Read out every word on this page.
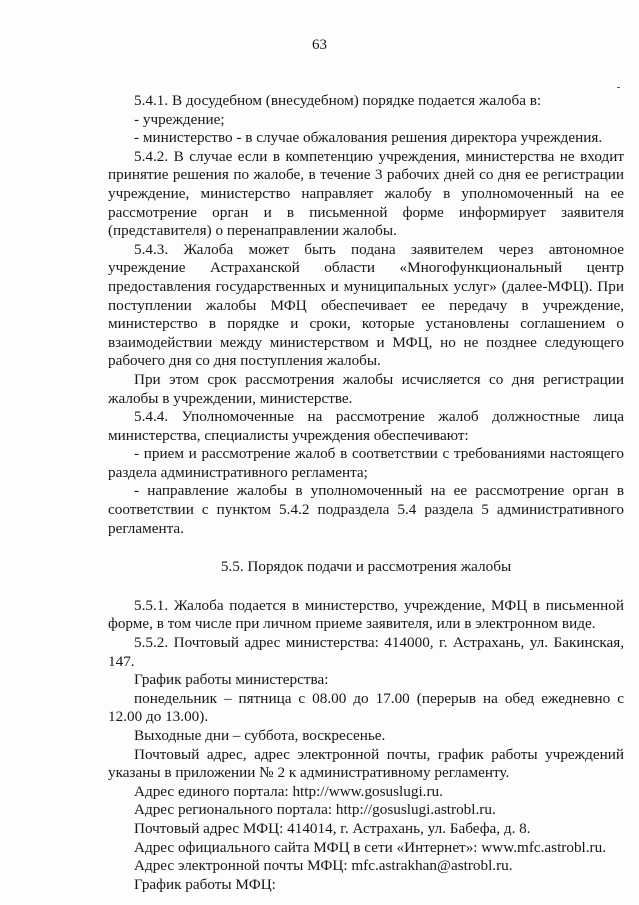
63

5.4.1. В досудебном (внесудебном) порядке подается жалоба в:

- учреждение;

- министерство - в случае обжалования решения директора учреждения.

5.4.2. В случае если в компетенцию учреждения, министерства не входит принятие решения по жалобе, в течение 3 рабочих дней со дня ее регистрации учреждение, министерство направляет жалобу в уполномоченный на ее рассмотрение орган и в письменной форме информирует заявителя (представителя) о перенаправлении жалобы.

5.4.3. Жалоба может быть подана заявителем через автономное учреждение Астраханской области «Многофункциональный центр предоставления государственных и муниципальных услуг» (далее-МФЦ). При поступлении жалобы МФЦ обеспечивает ее передачу в учреждение, министерство в порядке и сроки, которые установлены соглашением о взаимодействии между министерством и МФЦ, но не позднее следующего рабочего дня со дня поступления жалобы.

При этом срок рассмотрения жалобы исчисляется со дня регистрации жалобы в учреждении, министерстве.

5.4.4. Уполномоченные на рассмотрение жалоб должностные лица министерства, специалисты учреждения обеспечивают:

- прием и рассмотрение жалоб в соответствии с требованиями настоящего раздела административного регламента;

- направление жалобы в уполномоченный на ее рассмотрение орган в соответствии с пунктом 5.4.2 подраздела 5.4 раздела 5 административного регламента.

5.5. Порядок подачи и рассмотрения жалобы

5.5.1. Жалоба подается в министерство, учреждение, МФЦ в письменной форме, в том числе при личном приеме заявителя, или в электронном виде.

5.5.2. Почтовый адрес министерства: 414000, г. Астрахань, ул. Бакинская, 147.

График работы министерства:

понедельник – пятница с 08.00 до 17.00 (перерыв на обед ежедневно с 12.00 до 13.00).

Выходные дни – суббота, воскресенье.

Почтовый адрес, адрес электронной почты, график работы учреждений указаны в приложении № 2 к административному регламенту.

Адрес единого портала: http://www.gosuslugi.ru.

Адрес регионального портала: http://gosuslugi.astrobl.ru.

Почтовый адрес МФЦ: 414014, г. Астрахань, ул. Бабефа, д. 8.

Адрес официального сайта МФЦ в сети «Интернет»: www.mfc.astrobl.ru.

Адрес электронной почты МФЦ: mfc.astrakhan@astrobl.ru.

График работы МФЦ:
